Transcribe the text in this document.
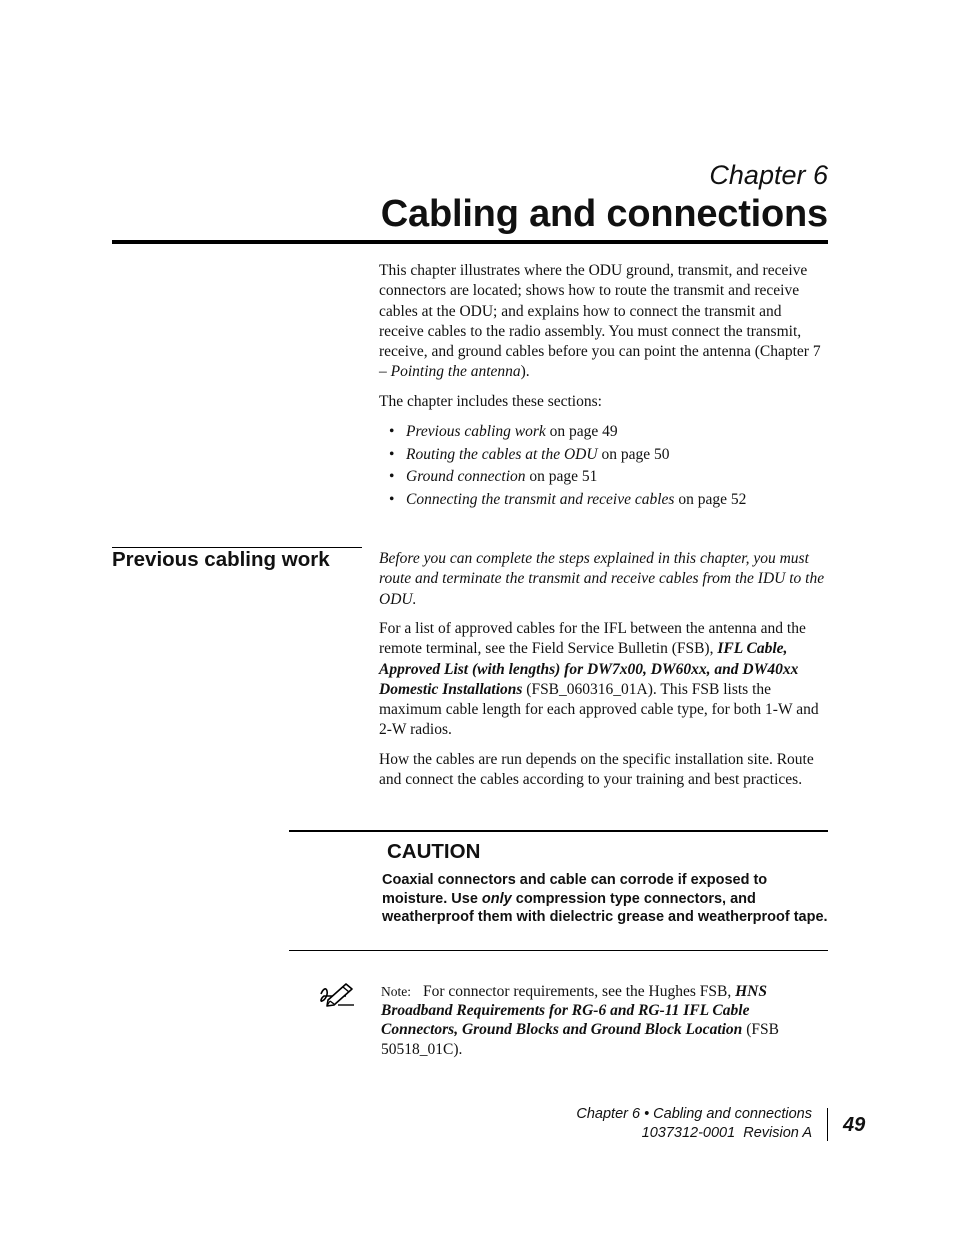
Chapter 6
Cabling and connections

This chapter illustrates where the ODU ground, transmit, and receive connectors are located; shows how to route the transmit and receive cables at the ODU; and explains how to connect the transmit and receive cables to the radio assembly. You must connect the transmit, receive, and ground cables before you can point the antenna (Chapter 7 – Pointing the antenna).

The chapter includes these sections:

• Previous cabling work on page 49
• Routing the cables at the ODU on page 50
• Ground connection on page 51
• Connecting the transmit and receive cables on page 52
Previous cabling work	Before you can complete the steps explained in this chapter, you must route and terminate the transmit and receive cables from the IDU to the ODU.

For a list of approved cables for the IFL between the antenna and the remote terminal, see the Field Service Bulletin (FSB), IFL Cable, Approved List (with lengths) for DW7x00, DW60xx, and DW40xx Domestic Installations (FSB_060316_01A). This FSB lists the maximum cable length for each approved cable type, for both 1-W and 2-W radios.

How the cables are run depends on the specific installation site. Route and connect the cables according to your training and best practices.

CAUTION

Coaxial connectors and cable can corrode if exposed to moisture. Use only compression type connectors, and weatherproof them with dielectric grease and weatherproof tape.

Note: For connector requirements, see the Hughes FSB, HNS Broadband Requirements for RG-6 and RG-11 IFL Cable Connectors, Ground Blocks and Ground Block Location (FSB 50518_01C).

Chapter 6 • Cabling and connections
1037312-0001  Revision A 49
